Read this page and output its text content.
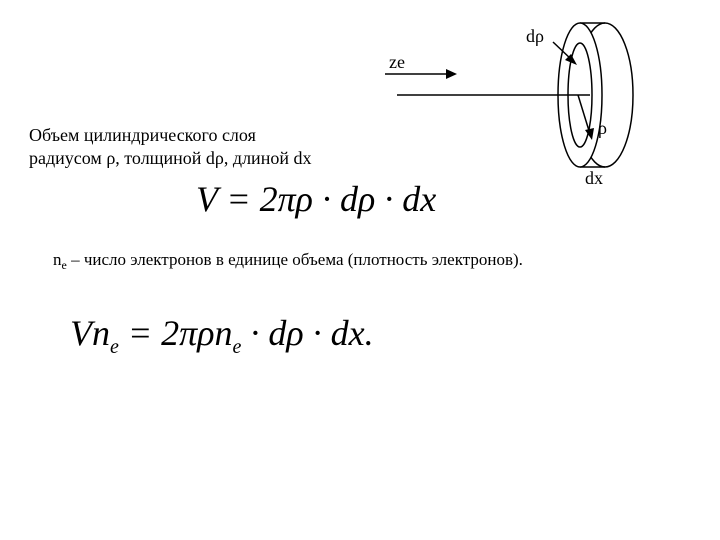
dρ
ze
ρ
dx
Объем цилиндрического слоя
радиусом ρ, толщиной dρ, длиной dx
V = 2πρ · dρ · dx
$n_e$ – число электронов в единице объема (плотность электронов).
$Vn_e = 2\pi\rho n_e \cdot d\rho$ · dx.
